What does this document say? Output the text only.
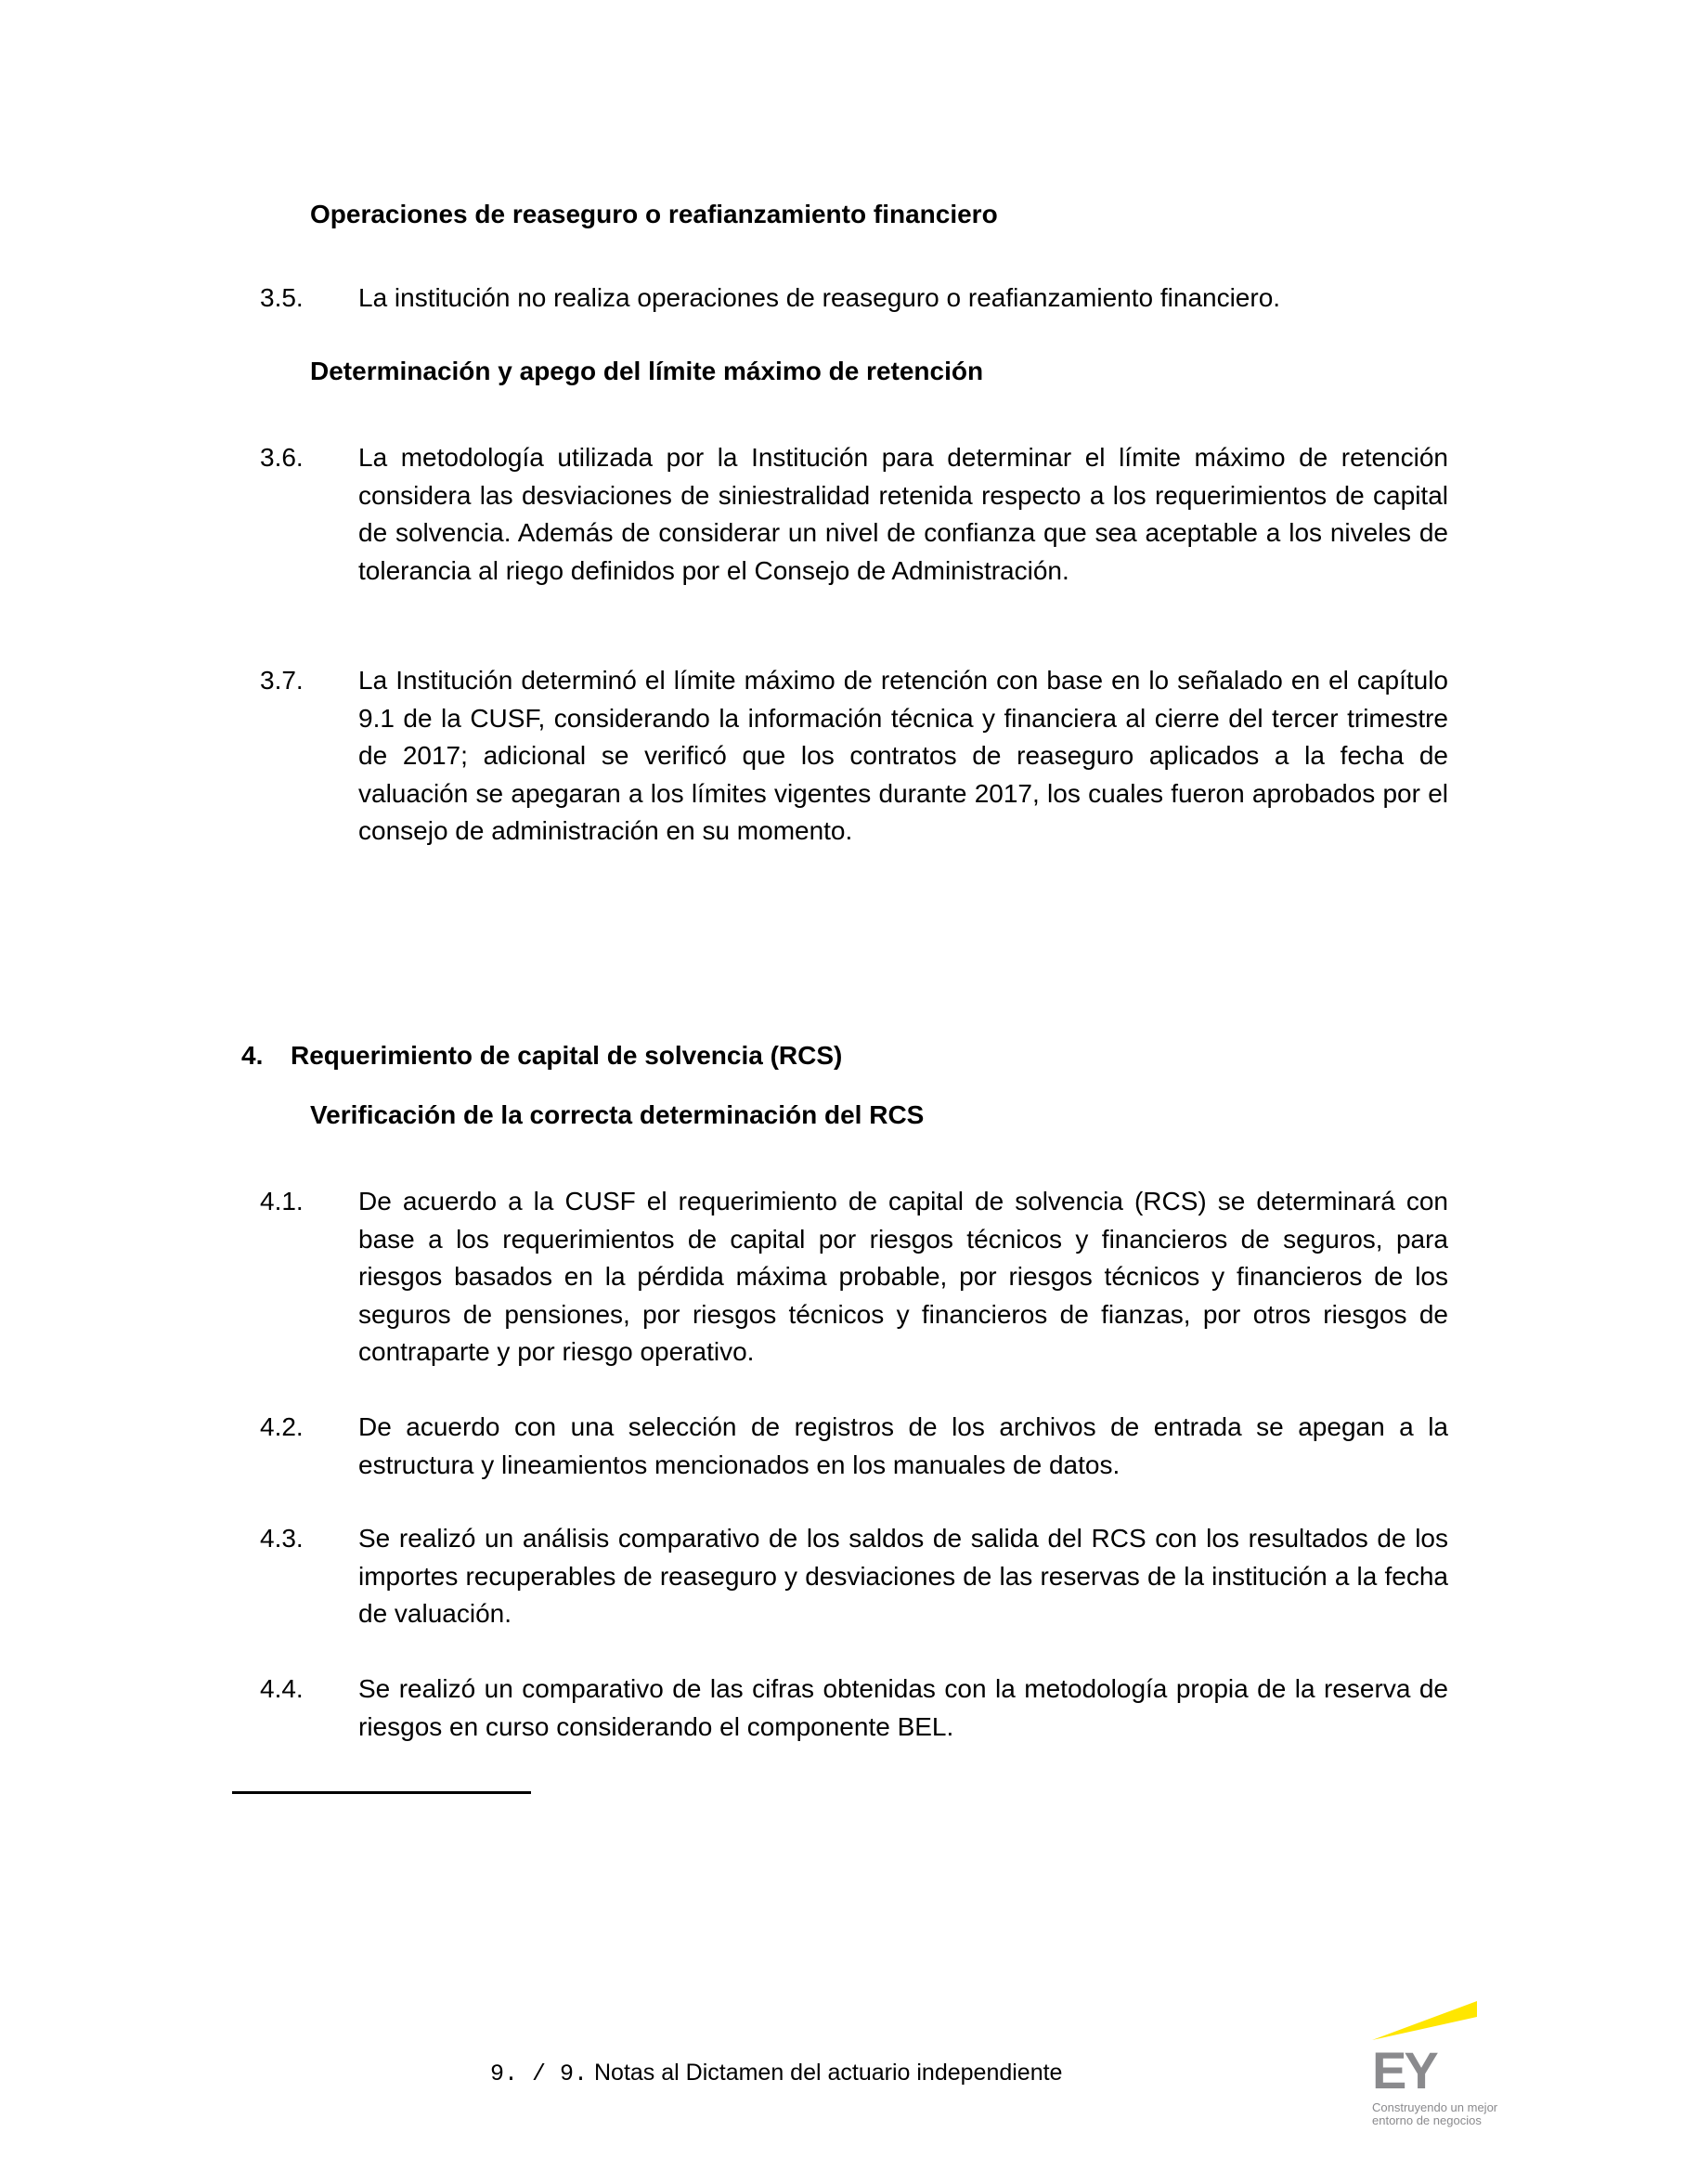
Operaciones de reaseguro o reafianzamiento financiero
3.5. La institución no realiza operaciones de reaseguro o reafianzamiento financiero.
Determinación y apego del límite máximo de retención
3.6. La metodología utilizada por la Institución para determinar el límite máximo de retención considera las desviaciones de siniestralidad retenida respecto a los requerimientos de capital de solvencia. Además de considerar un nivel de confianza que sea aceptable a los niveles de tolerancia al riego definidos por el Consejo de Administración.
3.7. La Institución determinó el límite máximo de retención con base en lo señalado en el capítulo 9.1 de la CUSF, considerando la información técnica y financiera al cierre del tercer trimestre de 2017; adicional se verificó que los contratos de reaseguro aplicados a la fecha de valuación se apegaran a los límites vigentes durante 2017, los cuales fueron aprobados por el consejo de administración en su momento.
4. Requerimiento de capital de solvencia (RCS)
Verificación de la correcta determinación del RCS
4.1. De acuerdo a la CUSF el requerimiento de capital de solvencia (RCS) se determinará con base a los requerimientos de capital por riesgos técnicos y financieros de seguros, para riesgos basados en la pérdida máxima probable, por riesgos técnicos y financieros de los seguros de pensiones, por riesgos técnicos y financieros de fianzas, por otros riesgos de contraparte y por riesgo operativo.
4.2. De acuerdo con una selección de registros de los archivos de entrada se apegan a la estructura y lineamientos mencionados en los manuales de datos.
4.3. Se realizó un análisis comparativo de los saldos de salida del RCS con los resultados de los importes recuperables de reaseguro y desviaciones de las reservas de la institución a la fecha de valuación.
4.4. Se realizó un comparativo de las cifras obtenidas con la metodología propia de la reserva de riesgos en curso considerando el componente BEL.
9. / 9. Notas al Dictamen del actuario independiente	EY
Construyendo un mejor
entorno de negocios
